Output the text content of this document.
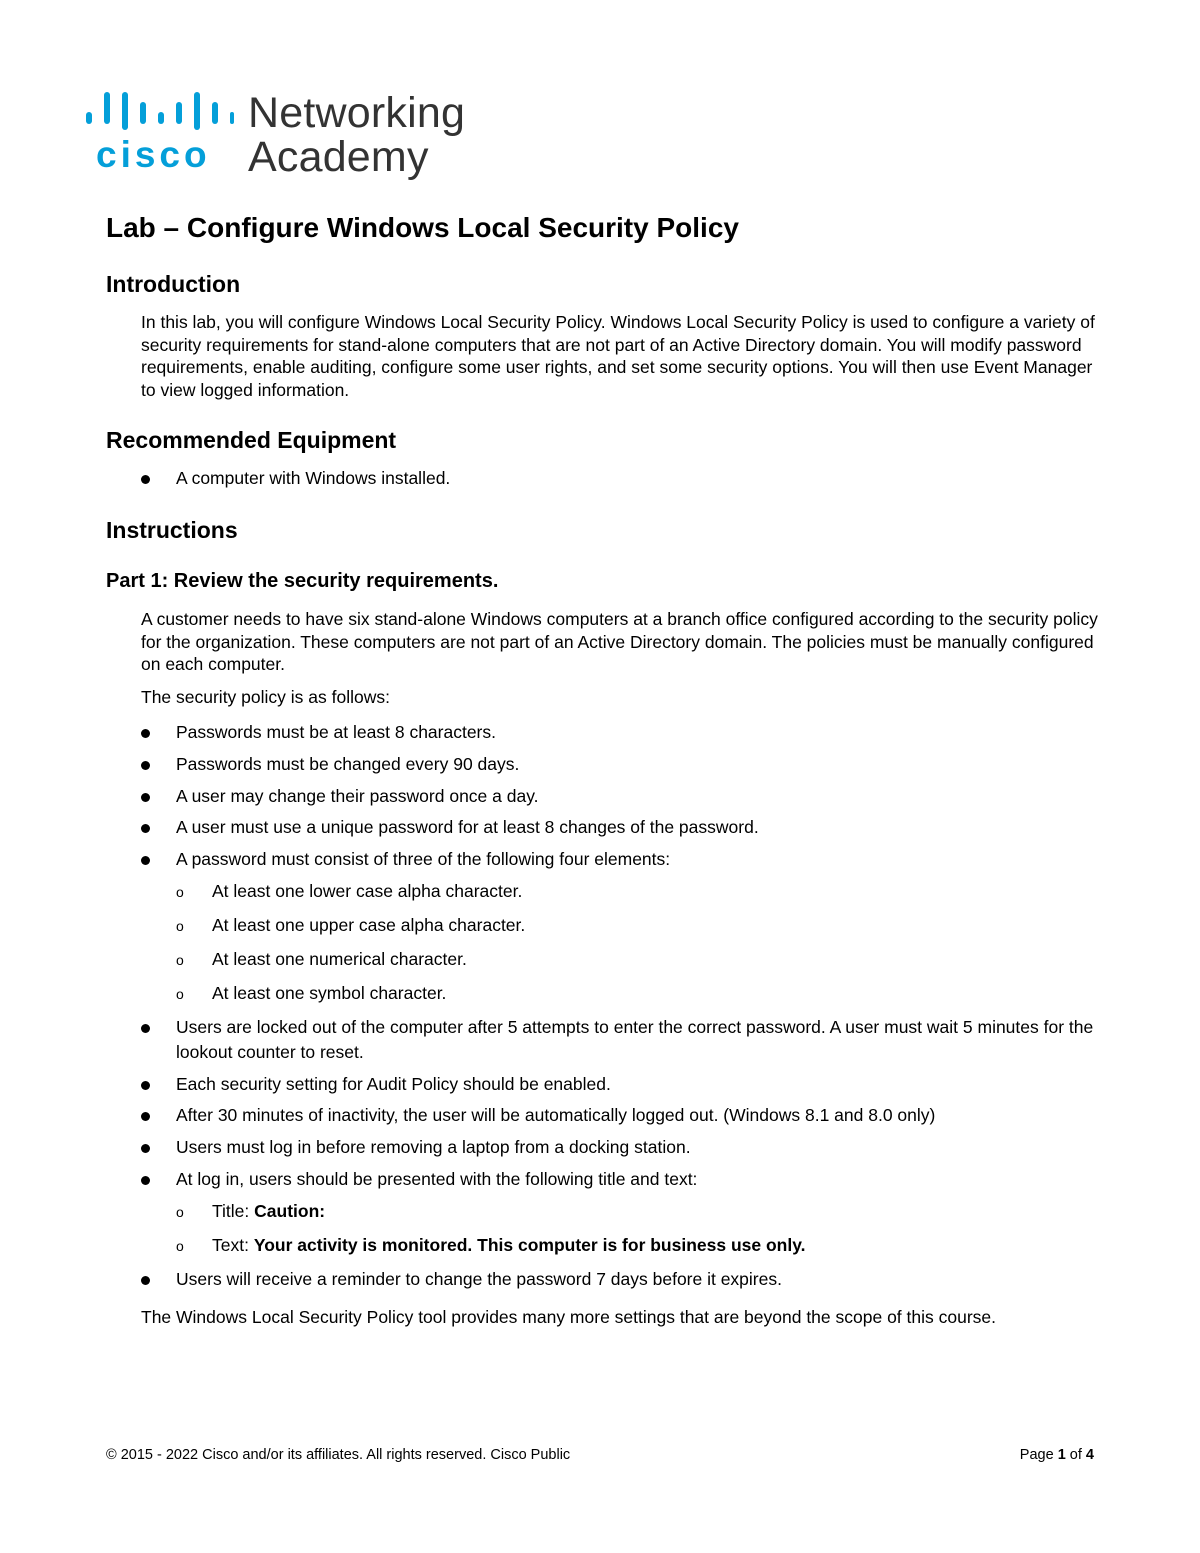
cisco
Networking
Academy
Lab – Configure Windows Local Security Policy
Introduction

In this lab, you will configure Windows Local Security Policy. Windows Local Security Policy is used to configure a variety of security requirements for stand-alone computers that are not part of an Active Directory domain. You will modify password requirements, enable auditing, configure some user rights, and set some security options. You will then use Event Manager to view logged information.

Recommended Equipment
A computer with Windows installed.
Instructions
Part 1: Review the security requirements.

A customer needs to have six stand-alone Windows computers at a branch office configured according to the security policy for the organization. These computers are not part of an Active Directory domain. The policies must be manually configured on each computer.

The security policy is as follows:

Passwords must be at least 8 characters.
Passwords must be changed every 90 days.
A user may change their password once a day.
A user must use a unique password for at least 8 changes of the password.
A password must consist of three of the following four elements:
o At least one lower case alpha character.
o At least one upper case alpha character.
o At least one numerical character.
o At least one symbol character.
Users are locked out of the computer after 5 attempts to enter the correct password. A user must wait 5 minutes for the lookout counter to reset.
Each security setting for Audit Policy should be enabled.
After 30 minutes of inactivity, the user will be automatically logged out. (Windows 8.1 and 8.0 only)
Users must log in before removing a laptop from a docking station.
At log in, users should be presented with the following title and text:
o Title: Caution:
o Text: Your activity is monitored. This computer is for business use only.
Users will receive a reminder to change the password 7 days before it expires.

The Windows Local Security Policy tool provides many more settings that are beyond the scope of this course.

© 2015 - 2022 Cisco and/or its affiliates. All rights reserved. Cisco Public	Page 1 of 4
